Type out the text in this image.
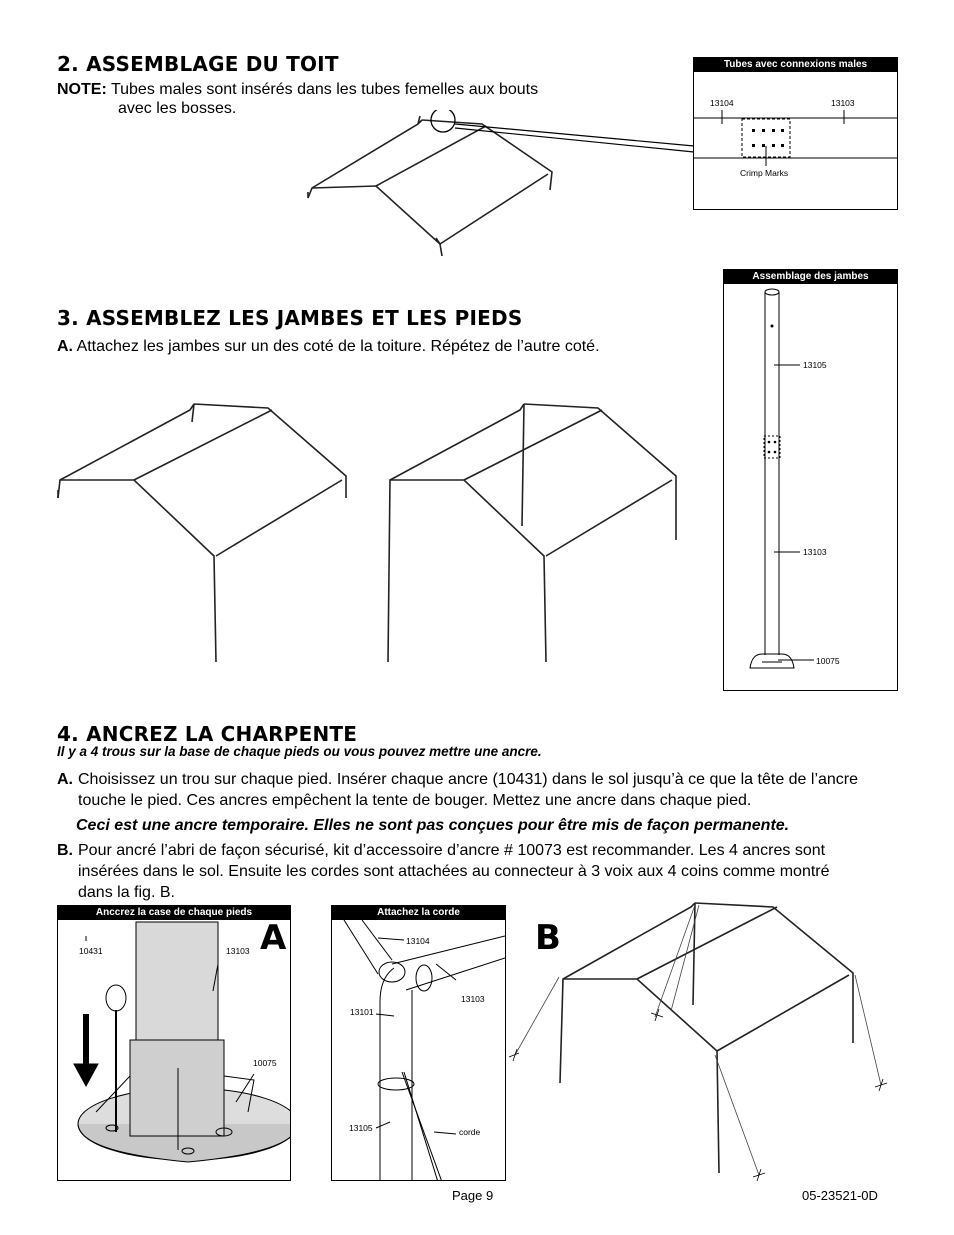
2. ASSEMBLAGE DU TOIT
NOTE: Tubes males sont insérés dans les tubes femelles aux bouts
avec les bosses.
Tubes avec connexions males
13104	13103
Crimp Marks
3. ASSEMBLEZ LES JAMBES ET LES PIEDS
A. Attachez les jambes sur un des coté de la toiture. Répétez de l’autre coté.
Assemblage des jambes
13105
13103
10075
4. ANCREZ LA CHARPENTE
Il y a 4 trous sur la base de chaque pieds ou vous pouvez mettre une ancre.
A. Choisissez un trou sur chaque pied. Insérer chaque ancre (10431) dans le sol jusqu’à ce que la tête de l’ancre
touche le pied. Ces ancres empêchent la tente de bouger. Mettez une ancre dans chaque pied.
Ceci est une ancre temporaire. Elles ne sont pas conçues pour être mis de façon permanente.
B. Pour ancré l’abri de façon sécurisé, kit d’accessoire d’ancre # 10073 est recommander. Les 4 ancres sont
insérées dans le sol. Ensuite les cordes sont attachées au connecteur à 3 voix aux 4 coins comme montré
dans la fig. B.
Anccrez la case de chaque pieds
10431	13103
10075
A
Attachez la corde
13104
13103
13101
13105	corde
B
Page 9	05-23521-0D
